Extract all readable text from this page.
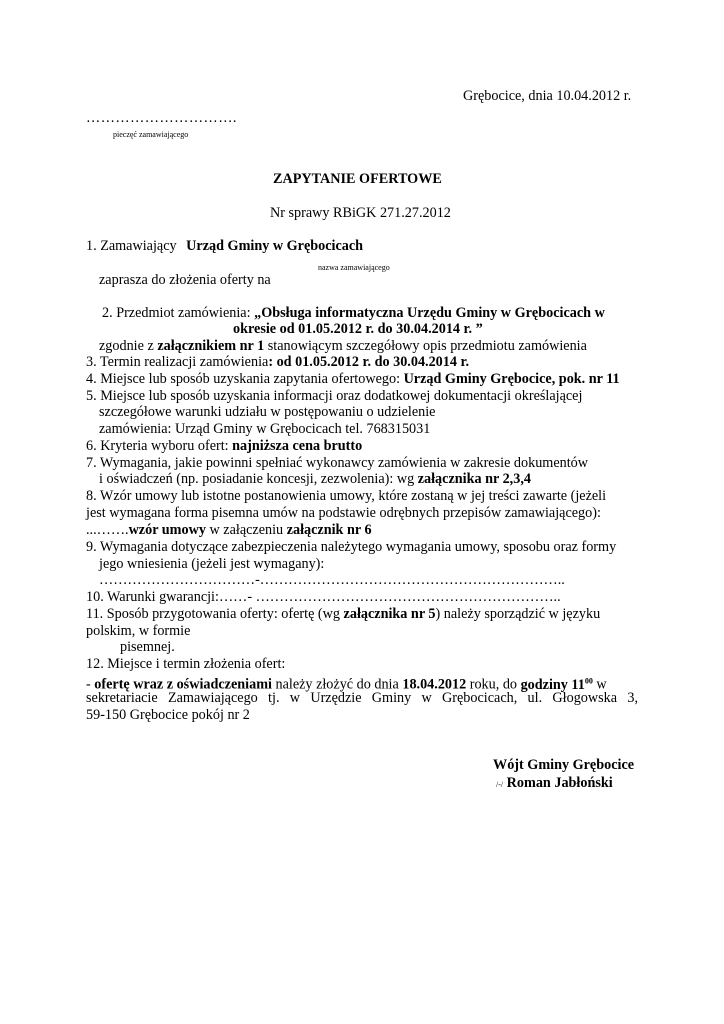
Grębocice, dnia 10.04.2012 r.
………………………….
pieczęć zamawiającego
ZAPYTANIE OFERTOWE
Nr sprawy RBiGK 271.27.2012
1. Zamawiający Urząd Gminy w Grębocicach
nazwa zamawiającego
zaprasza do złożenia oferty na
2. Przedmiot zamówienia: „Obsługa informatyczna Urzędu Gminy w Grębocicach w
okresie od 01.05.2012 r. do 30.04.2014 r. ”
zgodnie z załącznikiem nr 1 stanowiącym szczegółowy opis przedmiotu zamówienia
3. Termin realizacji zamówienia: od 01.05.2012 r. do 30.04.2014 r.
4. Miejsce lub sposób uzyskania zapytania ofertowego: Urząd Gminy Grębocice, pok. nr 11
5. Miejsce lub sposób uzyskania informacji oraz dodatkowej dokumentacji określającej
szczegółowe warunki udziału w postępowaniu o udzielenie
zamówienia: Urząd Gminy w Grębocicach tel. 768315031
6. Kryteria wyboru ofert: najniższa cena brutto
7. Wymagania, jakie powinni spełniać wykonawcy zamówienia w zakresie dokumentów
i oświadczeń (np. posiadanie koncesji, zezwolenia): wg załącznika nr 2,3,4
8. Wzór umowy lub istotne postanowienia umowy, które zostaną w jej treści zawarte (jeżeli
jest wymagana forma pisemna umów na podstawie odrębnych przepisów zamawiającego):
...…….wzór umowy w załączeniu załącznik nr 6
9. Wymagania dotyczące zabezpieczenia należytego wymagania umowy, sposobu oraz formy
jego wniesienia (jeżeli jest wymagany):
……………………………-………………………………………………………..
10. Warunki gwarancji:……- ………………………………………………………..
11. Sposób przygotowania oferty: ofertę (wg załącznika nr 5) należy sporządzić w języku
polskim, w formie
pisemnej.
12. Miejsce i termin złożenia ofert:
- ofertę wraz z oświadczeniami należy złożyć do dnia 18.04.2012 roku, do godziny $11^{00}$ w
sekretariacie Zamawiającego tj. w Urzędzie Gminy w Grębocicach, ul. Głogowska 3,
59-150 Grębocice pokój nr 2
Wójt Gminy Grębocice
/-/ Roman Jabłoński
